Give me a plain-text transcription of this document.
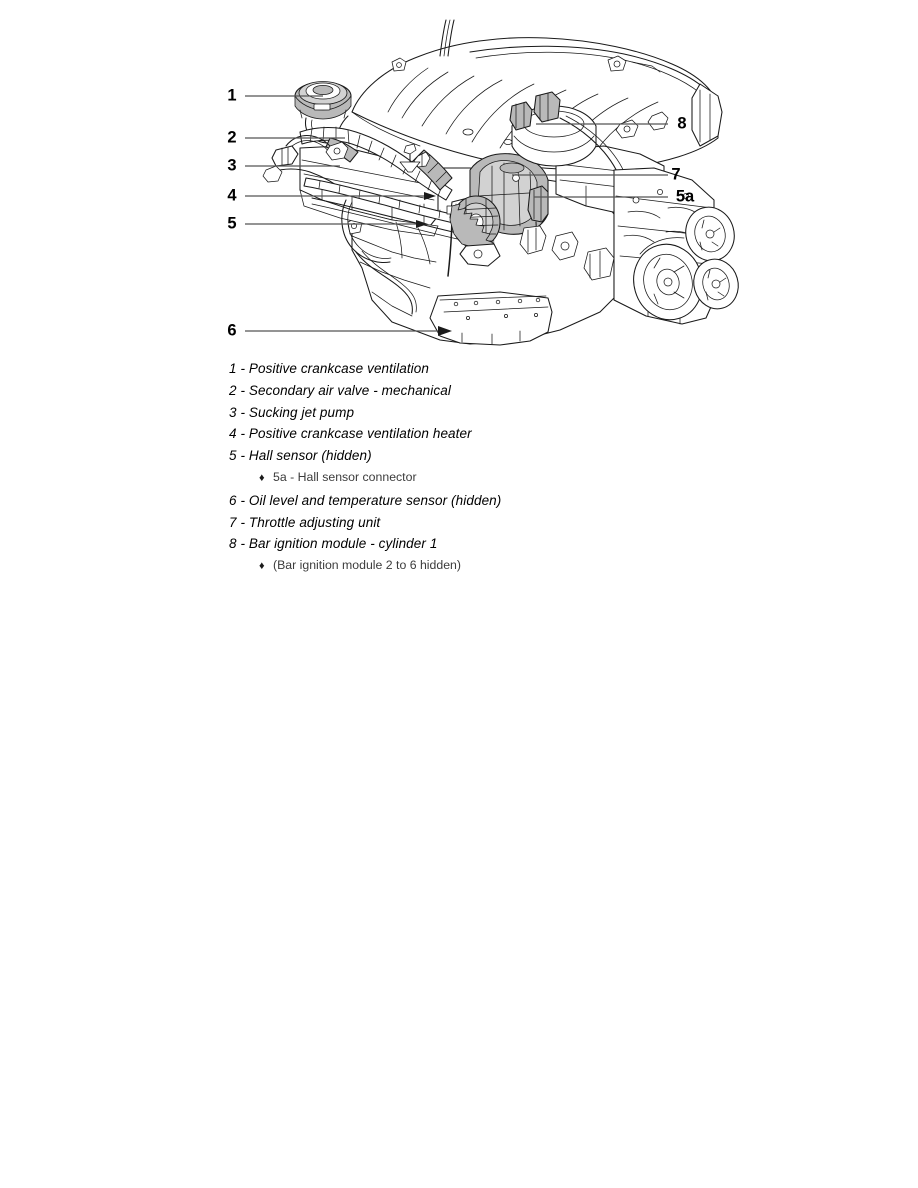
1
2
3
4
5
6
8
7
5a
1 - Positive crankcase ventilation
2 - Secondary air valve - mechanical
3 - Sucking jet pump
4 - Positive crankcase ventilation heater
5 - Hall sensor (hidden)
♦ 5a - Hall sensor connector
6 - Oil level and temperature sensor (hidden)
7 - Throttle adjusting unit
8 - Bar ignition module - cylinder 1
♦ (Bar ignition module 2 to 6 hidden)
